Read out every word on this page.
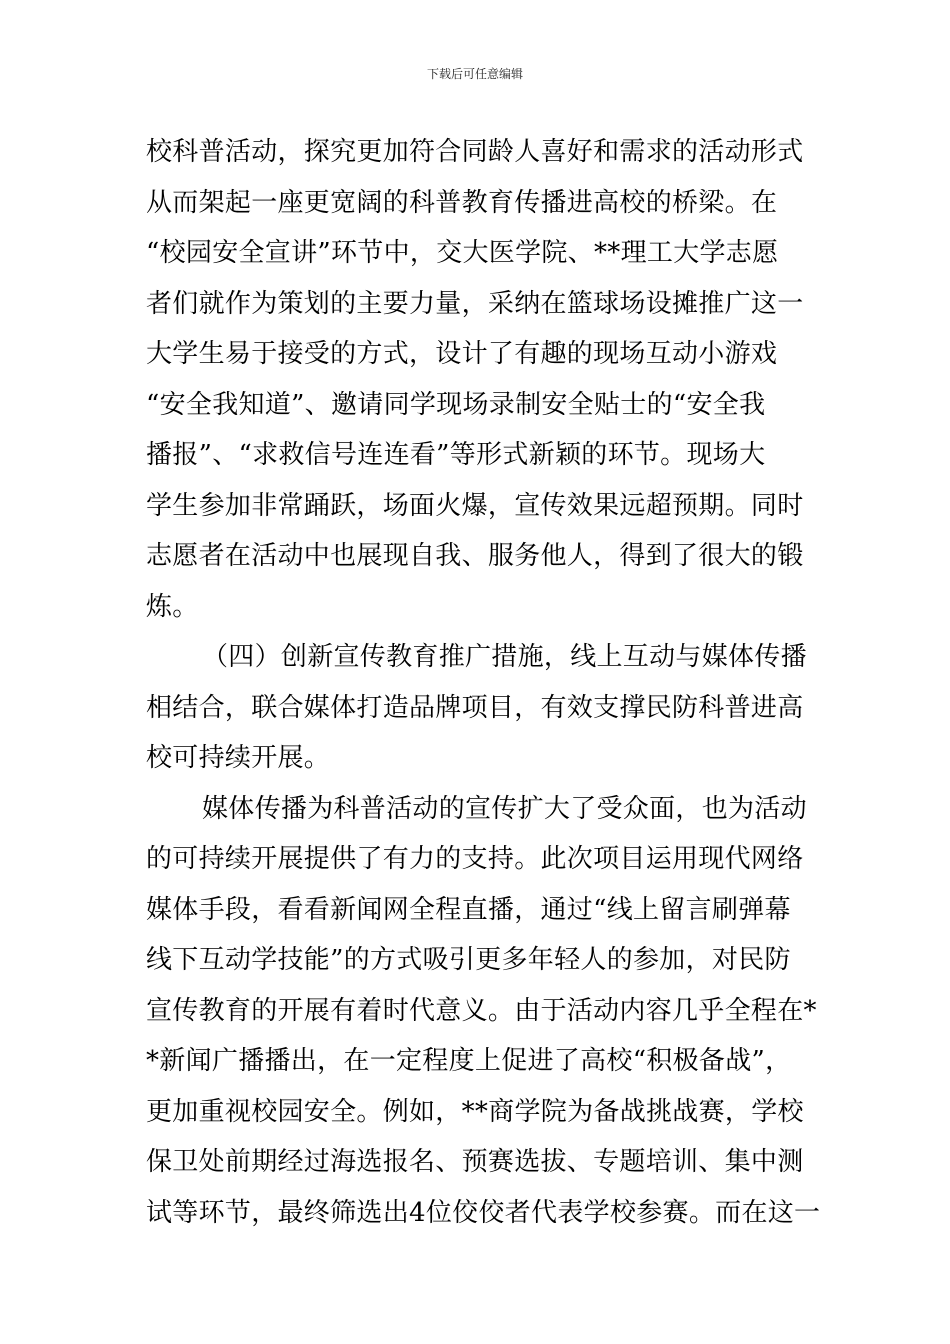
下载后可任意编辑
校科普活动，探究更加符合同龄人喜好和需求的活动形式
从而架起一座更宽阔的科普教育传播进高校的桥梁。在
“校园安全宣讲”环节中，交大医学院、**理工大学志愿
者们就作为策划的主要力量，采纳在篮球场设摊推广这一
大学生易于接受的方式，设计了有趣的现场互动小游戏
“安全我知道”、邀请同学现场录制安全贴士的“安全我
播报”、“求救信号连连看”等形式新颖的环节。现场大
学生参加非常踊跃，场面火爆，宣传效果远超预期。同时
志愿者在活动中也展现自我、服务他人，得到了很大的锻
炼。
（四）创新宣传教育推广措施，线上互动与媒体传播
相结合，联合媒体打造品牌项目，有效支撑民防科普进高
校可持续开展。
媒体传播为科普活动的宣传扩大了受众面，也为活动
的可持续开展提供了有力的支持。此次项目运用现代网络
媒体手段，看看新闻网全程直播，通过“线上留言刷弹幕
线下互动学技能”的方式吸引更多年轻人的参加，对民防
宣传教育的开展有着时代意义。由于活动内容几乎全程在*
*新闻广播播出，在一定程度上促进了高校“积极备战”，
更加重视校园安全。例如，**商学院为备战挑战赛，学校
保卫处前期经过海选报名、预赛选拔、专题培训、集中测
试等环节，最终筛选出4位佼佼者代表学校参赛。而在这一
